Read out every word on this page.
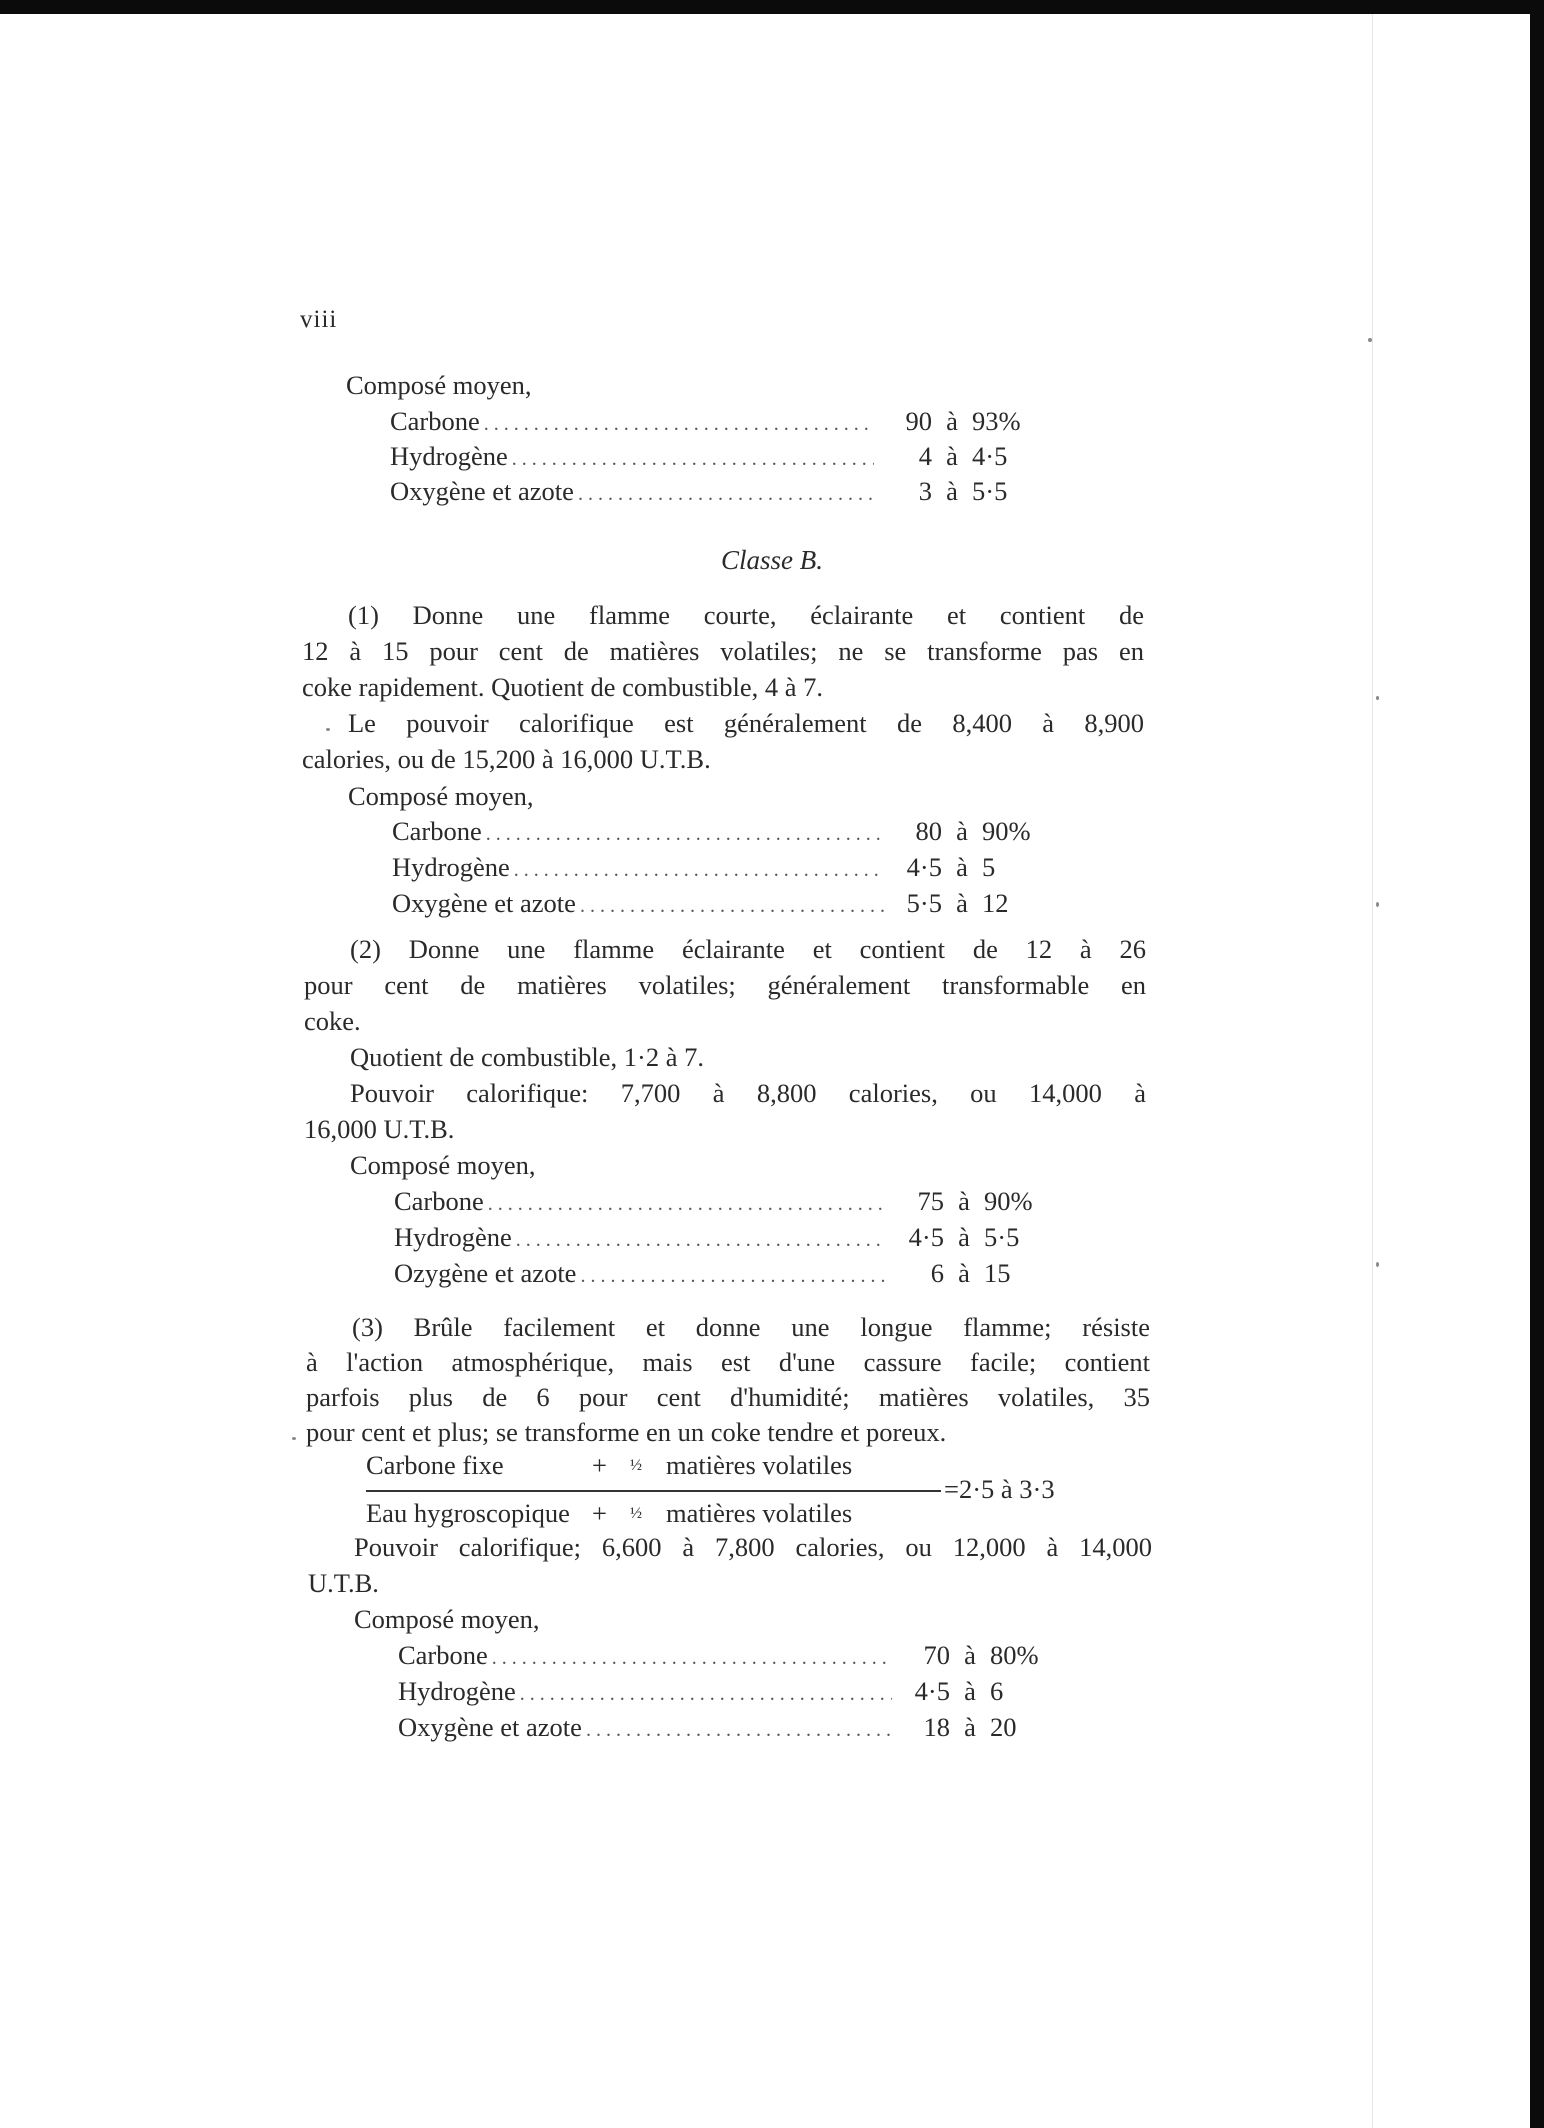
viii
Composé moyen,
Carbone . . .	90 à 93%
Hydrogène . . .	4 à 4·5
Oxygène et azote . . .	3 à 5·5
Classe B.
(1) Donne une flamme courte, éclairante et contient de
12 à 15 pour cent de matières volatiles; ne se transforme pas en
coke rapidement. Quotient de combustible, 4 à 7.
Le pouvoir calorifique est généralement de 8,400 à 8,900
calories, ou de 15,200 à 16,000 U.T.B.
Composé moyen,
Carbone . . .	80 à 90%
Hydrogène . . .	4·5 à 5
Oxygène et azote . . .	5·5 à 12
(2) Donne une flamme éclairante et contient de 12 à 26
pour cent de matières volatiles; généralement transformable en
coke.
Quotient de combustible, 1·2 à 7.
Pouvoir calorifique: 7,700 à 8,800 calories, ou 14,000 à
16,000 U.T.B.
Composé moyen,
Carbone . . .	75 à 90%
Hydrogène . . .	4·5 à 5·5
Ozygène et azote . . .	6 à 15
(3) Brûle facilement et donne une longue flamme; résiste
à l'action atmosphérique, mais est d'une cassure facile; contient
parfois plus de 6 pour cent d'humidité; matières volatiles, 35
pour cent et plus; se transforme en un coke tendre et poreux.
Carbone fixe	+ ½ matières volatiles
Eau hygroscopique + ½ matières volatiles
=2·5 à 3·3
Pouvoir calorifique; 6,600 à 7,800 calories, ou 12,000 à 14,000
U.T.B.
Composé moyen,
Carbone . . .	70 à 80%
Hydrogène . . .	4·5 à 6
Oxygène et azote . . .	18 à 20
